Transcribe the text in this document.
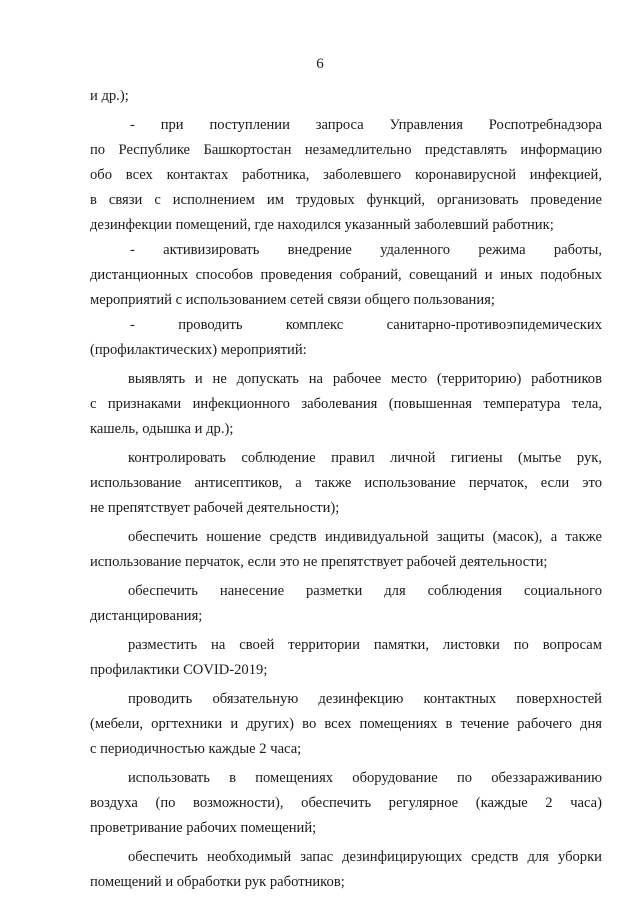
6
и др.);
- при поступлении запроса Управления Роспотребнадзора
по Республике Башкортостан незамедлительно представлять информацию
обо всех контактах работника, заболевшего коронавирусной инфекцией,
в связи с исполнением им трудовых функций, организовать проведение
дезинфекции помещений, где находился указанный заболевший работник;
- активизировать внедрение удаленного режима работы,
дистанционных способов проведения собраний, совещаний и иных подобных
мероприятий с использованием сетей связи общего пользования;
- проводить комплекс санитарно-противоэпидемических
(профилактических) мероприятий:
выявлять и не допускать на рабочее место (территорию) работников
с признаками инфекционного заболевания (повышенная температура тела,
кашель, одышка и др.);
контролировать соблюдение правил личной гигиены (мытье рук,
использование антисептиков, а также использование перчаток, если это
не препятствует рабочей деятельности);
обеспечить ношение средств индивидуальной защиты (масок), а также
использование перчаток, если это не препятствует рабочей деятельности;
обеспечить нанесение разметки для соблюдения социального
дистанцирования;
разместить на своей территории памятки, листовки по вопросам
профилактики COVID-2019;
проводить обязательную дезинфекцию контактных поверхностей
(мебели, оргтехники и других) во всех помещениях в течение рабочего дня
с периодичностью каждые 2 часа;
использовать в помещениях оборудование по обеззараживанию
воздуха (по возможности), обеспечить регулярное (каждые 2 часа)
проветривание рабочих помещений;
обеспечить необходимый запас дезинфицирующих средств для уборки
помещений и обработки рук работников;
